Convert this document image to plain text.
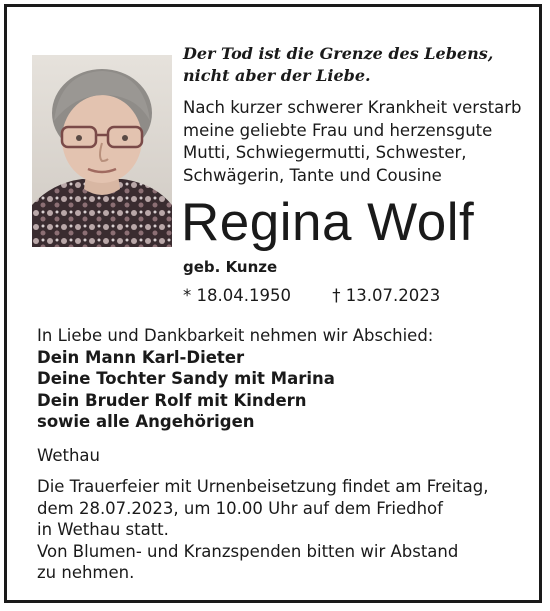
Der Tod ist die Grenze des Lebens,
nicht aber der Liebe.
Nach kurzer schwerer Krankheit verstarb
meine geliebte Frau und herzensgute
Mutti, Schwiegermutti, Schwester,
Schwägerin, Tante und Cousine
Regina Wolf
geb. Kunze
* 18.04.1950	† 13.07.2023

In Liebe und Dankbarkeit nehmen wir Abschied:

Dein Mann Karl-Dieter

Deine Tochter Sandy mit Marina

Dein Bruder Rolf mit Kindern

sowie alle Angehörigen

Wethau

Die Trauerfeier mit Urnenbeisetzung findet am Freitag,

dem 28.07.2023, um 10.00 Uhr auf dem Friedhof

in Wethau statt.

Von Blumen- und Kranzspenden bitten wir Abstand

zu nehmen.
